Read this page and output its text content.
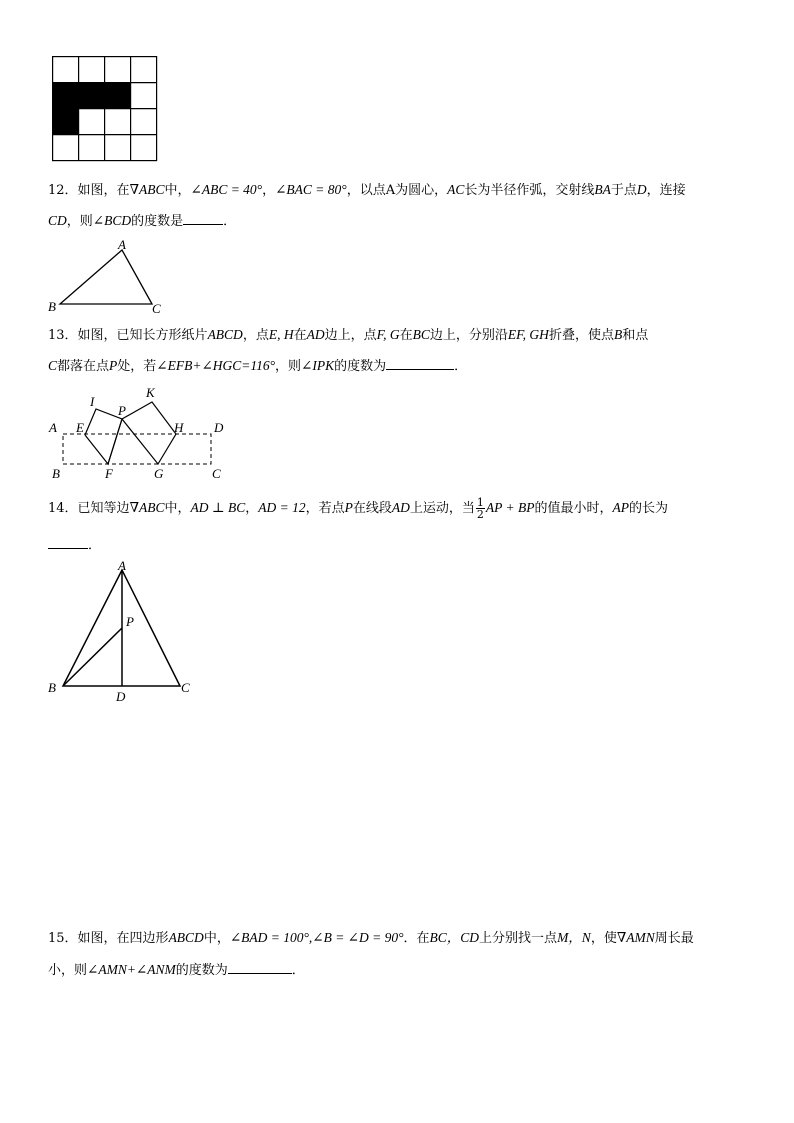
12．如图，在∇ABC中，∠ABC = 40°，∠BAC = 80°，以点A为圆心，AC长为半径作弧，交射线BA于点D，连接
CD，则∠BCD的度数是	．
A
B	C
13．如图，已知长方形纸片ABCD，点E, H在AD边上，点F, G在BC边上，分别沿EF, GH折叠，使点B和点
C都落在点P处，若∠EFB+∠HGC=116°，则∠IPK的度数为	．
I
P
K
A E	H D
B	F	G	C
14．已知等边∇ABC中，AD ⊥ BC，AD = 12，若点P在线段AD上运动，当 $\frac{1}{2}$ AP + BP的值最小时，AP的长为
．
A
P
B
D
C
15．如图，在四边形ABCD中，∠BAD = 100°,∠B = ∠D = 90°．在BC，CD上分别找一点M，N，使∇AMN周长最
小，则∠AMN+∠ANM的度数为	．
